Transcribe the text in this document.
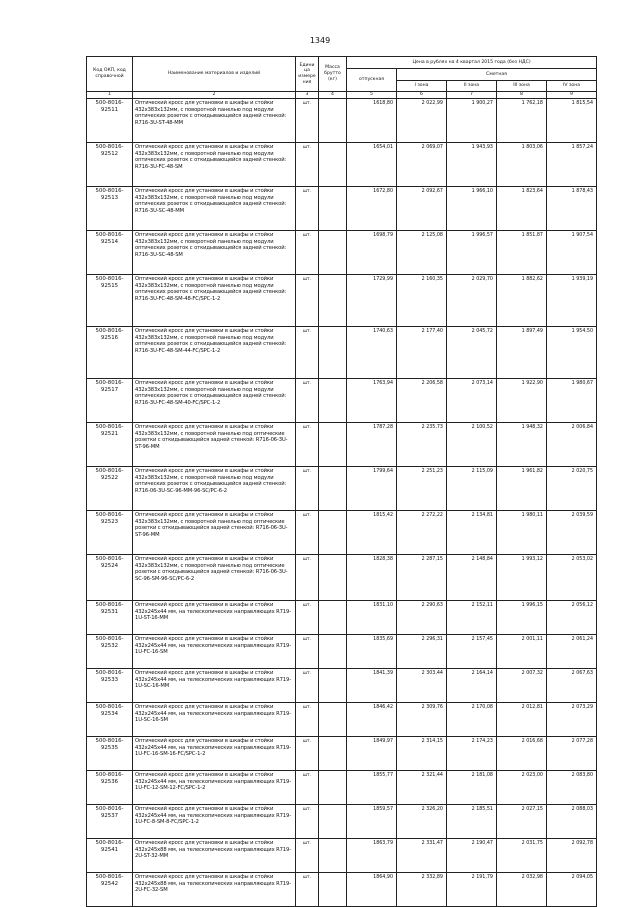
1349
Код ОКП, код справочной	Наименование материалов и изделий	Едини ца измере ния	Масса брутто (кг)	Цена в рублях на 4 квартал 2015 года (без НДС)				
				отпускная	Сметная			
					I зона	II зона	III зона	IV зона
1	2	3	4	5	6	7	8	9
500-8016-92511	Оптический кросс для установки в шкафы и стойки 432x383x132мм, с поворотной панелью под модули оптических розеток с откидывающейся задней стенкой: R716-3U-ST-48-MM	шт.		1618,80	2 022,99	1 900,27	1 762,18	1 815,54
500-8016-92512	Оптический кросс для установки в шкафы и стойки 432x383x132мм, с поворотной панелью под модули оптических розеток с откидывающейся задней стенкой: R716-3U-FC-48-SM	шт.		1654,01	2 069,07	1 943,93	1 803,06	1 857,24
500-8016-92513	Оптический кросс для установки в шкафы и стойки 432x383x132мм, с поворотной панелью под модули оптических розеток с откидывающейся задней стенкой: R716-3U-SC-48-MM	шт.		1672,80	2 092,67	1 966,10	1 823,64	1 878,43
500-8016-92514	Оптический кросс для установки в шкафы и стойки 432x383x132мм, с поворотной панелью под модули оптических розеток с откидывающейся задней стенкой: R716-3U-SC-48-SM	шт.		1698,79	2 125,08	1 996,57	1 851,87	1 907,54
500-8016-92515	Оптический кросс для установки в шкафы и стойки 432x383x132мм, с поворотной панелью под модули оптических розеток с откидывающейся задней стенкой: R716-3U-FC-48-SM-48-FC/SPC-1-2	шт.		1729,99	2 160,35	2 029,70	1 882,62	1 939,19
500-8016-92516	Оптический кросс для установки в шкафы и стойки 432x383x132мм, с поворотной панелью под модули оптических розеток с откидывающейся задней стенкой: R716-3U-FC-48-SM-44-FC/SPC-1-2	шт.		1740,63	2 177,40	2 045,72	1 897,49	1 954,50
500-8016-92517	Оптический кросс для установки в шкафы и стойки 432x383x132мм, с поворотной панелью под модули оптических розеток с откидывающейся задней стенкой: R716-3U-FC-48-SM-40-FC/SPC-1-2	шт.		1763,94	2 206,58	2 073,14	1 922,90	1 980,67
500-8016-92521	Оптический кросс для установки в шкафы и стойки 432x383x132мм, с поворотной панелью под оптические розетки с откидывающейся задней стенкой: R716-06-3U-ST-96-MM	шт.		1787,28	2 235,73	2 100,52	1 948,32	2 006,84
500-8016-92522	Оптический кросс для установки в шкафы и стойки 432x383x132мм, с поворотной панелью под модули оптических розеток с откидывающейся задней стенкой: R716-06-3U-SC-96-MM-96-SC/PC-6-2	шт.		1799,64	2 251,23	2 115,09	1 961,82	2 020,75
500-8016-92523	Оптический кросс для установки в шкафы и стойки 432x383x132мм, с поворотной панелью под оптические розетки с откидывающейся задней стенкой: R716-06-3U-ST-96-MM	шт.		1815,42	2 272,22	2 134,81	1 980,11	2 039,59
500-8016-92524	Оптический кросс для установки в шкафы и стойки 432x383x132мм, с поворотной панелью под оптические розетки с откидывающейся задней стенкой: R716-06-3U-SC-96-SM-96-SC/PC-6-2	шт.		1828,38	2 287,15	2 148,84	1 993,12	2 053,02
500-8016-92531	Оптический кросс для установки в шкафы и стойки 432x245x44 мм, на телескопических направляющих R719-1U-ST-16-MM	шт.		1831,10	2 290,63	2 152,11	1 996,15	2 056,12
500-8016-92532	Оптический кросс для установки в шкафы и стойки 432x245x44 мм, на телескопических направляющих R719-1U-FC-16-SM	шт.		1835,69	2 296,31	2 157,45	2 001,11	2 061,24
500-8016-92533	Оптический кросс для установки в шкафы и стойки 432x245x44 мм, на телескопических направляющих R719-1U-SC-16-MM	шт.		1841,39	2 303,44	2 164,14	2 007,32	2 067,63
500-8016-92534	Оптический кросс для установки в шкафы и стойки 432x245x44 мм, на телескопических направляющих R719-1U-SC-16-SM	шт.		1846,42	2 309,76	2 170,08	2 012,81	2 073,29
500-8016-92535	Оптический кросс для установки в шкафы и стойки 432x245x44 мм, на телескопических направляющих R719-1U-FC-16-SM-16-FC/SPC-1-2	шт.		1849,97	2 314,15	2 174,23	2 016,68	2 077,28
500-8016-92536	Оптический кросс для установки в шкафы и стойки 432x245x44 мм, на телескопических направляющих R719-1U-FC-12-SM-12-FC/SPC-1-2	шт.		1855,77	2 321,44	2 181,08	2 023,00	2 083,80
500-8016-92537	Оптический кросс для установки в шкафы и стойки 432x245x44 мм, на телескопических направляющих R719-1U-FC-8-SM-8-FC/SPC-1-2	шт.		1859,57	2 326,20	2 185,51	2 027,15	2 088,03
500-8016-92541	Оптический кросс для установки в шкафы и стойки 432x245x88 мм, на телескопических направляющих R719-2U-ST-32-MM	шт.		1863,79	2 331,47	2 190,47	2 031,75	2 092,78
500-8016-92542	Оптический кросс для установки в шкафы и стойки 432x245x88 мм, на телескопических направляющих R719-2U-FC-32-SM	шт.		1864,90	2 332,89	2 191,79	2 032,98	2 094,05
